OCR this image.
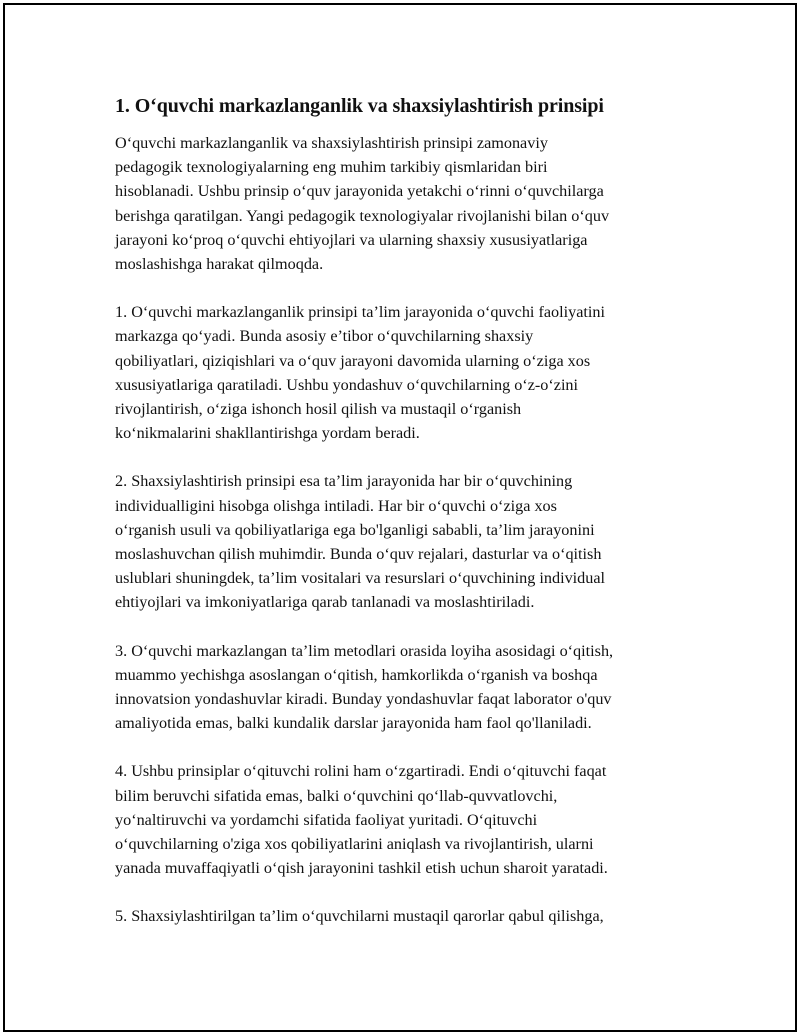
1. O‘quvchi markazlanganlik va shaxsiylashtirish prinsipi

O‘quvchi markazlanganlik va shaxsiylashtirish prinsipi zamonaviy
pedagogik texnologiyalarning eng muhim tarkibiy qismlaridan biri
hisoblanadi. Ushbu prinsip o‘quv jarayonida yetakchi o‘rinni o‘quvchilarga
berishga qaratilgan. Yangi pedagogik texnologiyalar rivojlanishi bilan o‘quv
jarayoni ko‘proq o‘quvchi ehtiyojlari va ularning shaxsiy xususiyatlariga
moslashishga harakat qilmoqda.

1. O‘quvchi markazlanganlik prinsipi ta’lim jarayonida o‘quvchi faoliyatini
markazga qo‘yadi. Bunda asosiy e’tibor o‘quvchilarning shaxsiy
qobiliyatlari, qiziqishlari va o‘quv jarayoni davomida ularning o‘ziga xos
xususiyatlariga qaratiladi. Ushbu yondashuv o‘quvchilarning o‘z-o‘zini
rivojlantirish, o‘ziga ishonch hosil qilish va mustaqil o‘rganish
ko‘nikmalarini shakllantirishga yordam beradi.

2. Shaxsiylashtirish prinsipi esa ta’lim jarayonida har bir o‘quvchining
individualligini hisobga olishga intiladi. Har bir o‘quvchi o‘ziga xos
o‘rganish usuli va qobiliyatlariga ega bo'lganligi sababli, ta’lim jarayonini
moslashuvchan qilish muhimdir. Bunda o‘quv rejalari, dasturlar va o‘qitish
uslublari shuningdek, ta’lim vositalari va resurslari o‘quvchining individual
ehtiyojlari va imkoniyatlariga qarab tanlanadi va moslashtiriladi.

3. O‘quvchi markazlangan ta’lim metodlari orasida loyiha asosidagi o‘qitish,
muammo yechishga asoslangan o‘qitish, hamkorlikda o‘rganish va boshqa
innovatsion yondashuvlar kiradi. Bunday yondashuvlar faqat laborator o'quv
amaliyotida emas, balki kundalik darslar jarayonida ham faol qo'llaniladi.

4. Ushbu prinsiplar o‘qituvchi rolini ham o‘zgartiradi. Endi o‘qituvchi faqat
bilim beruvchi sifatida emas, balki o‘quvchini qo‘llab-quvvatlovchi,
yo‘naltiruvchi va yordamchi sifatida faoliyat yuritadi. O‘qituvchi
o‘quvchilarning o'ziga xos qobiliyatlarini aniqlash va rivojlantirish, ularni
yanada muvaffaqiyatli o‘qish jarayonini tashkil etish uchun sharoit yaratadi.

5. Shaxsiylashtirilgan ta’lim o‘quvchilarni mustaqil qarorlar qabul qilishga,
